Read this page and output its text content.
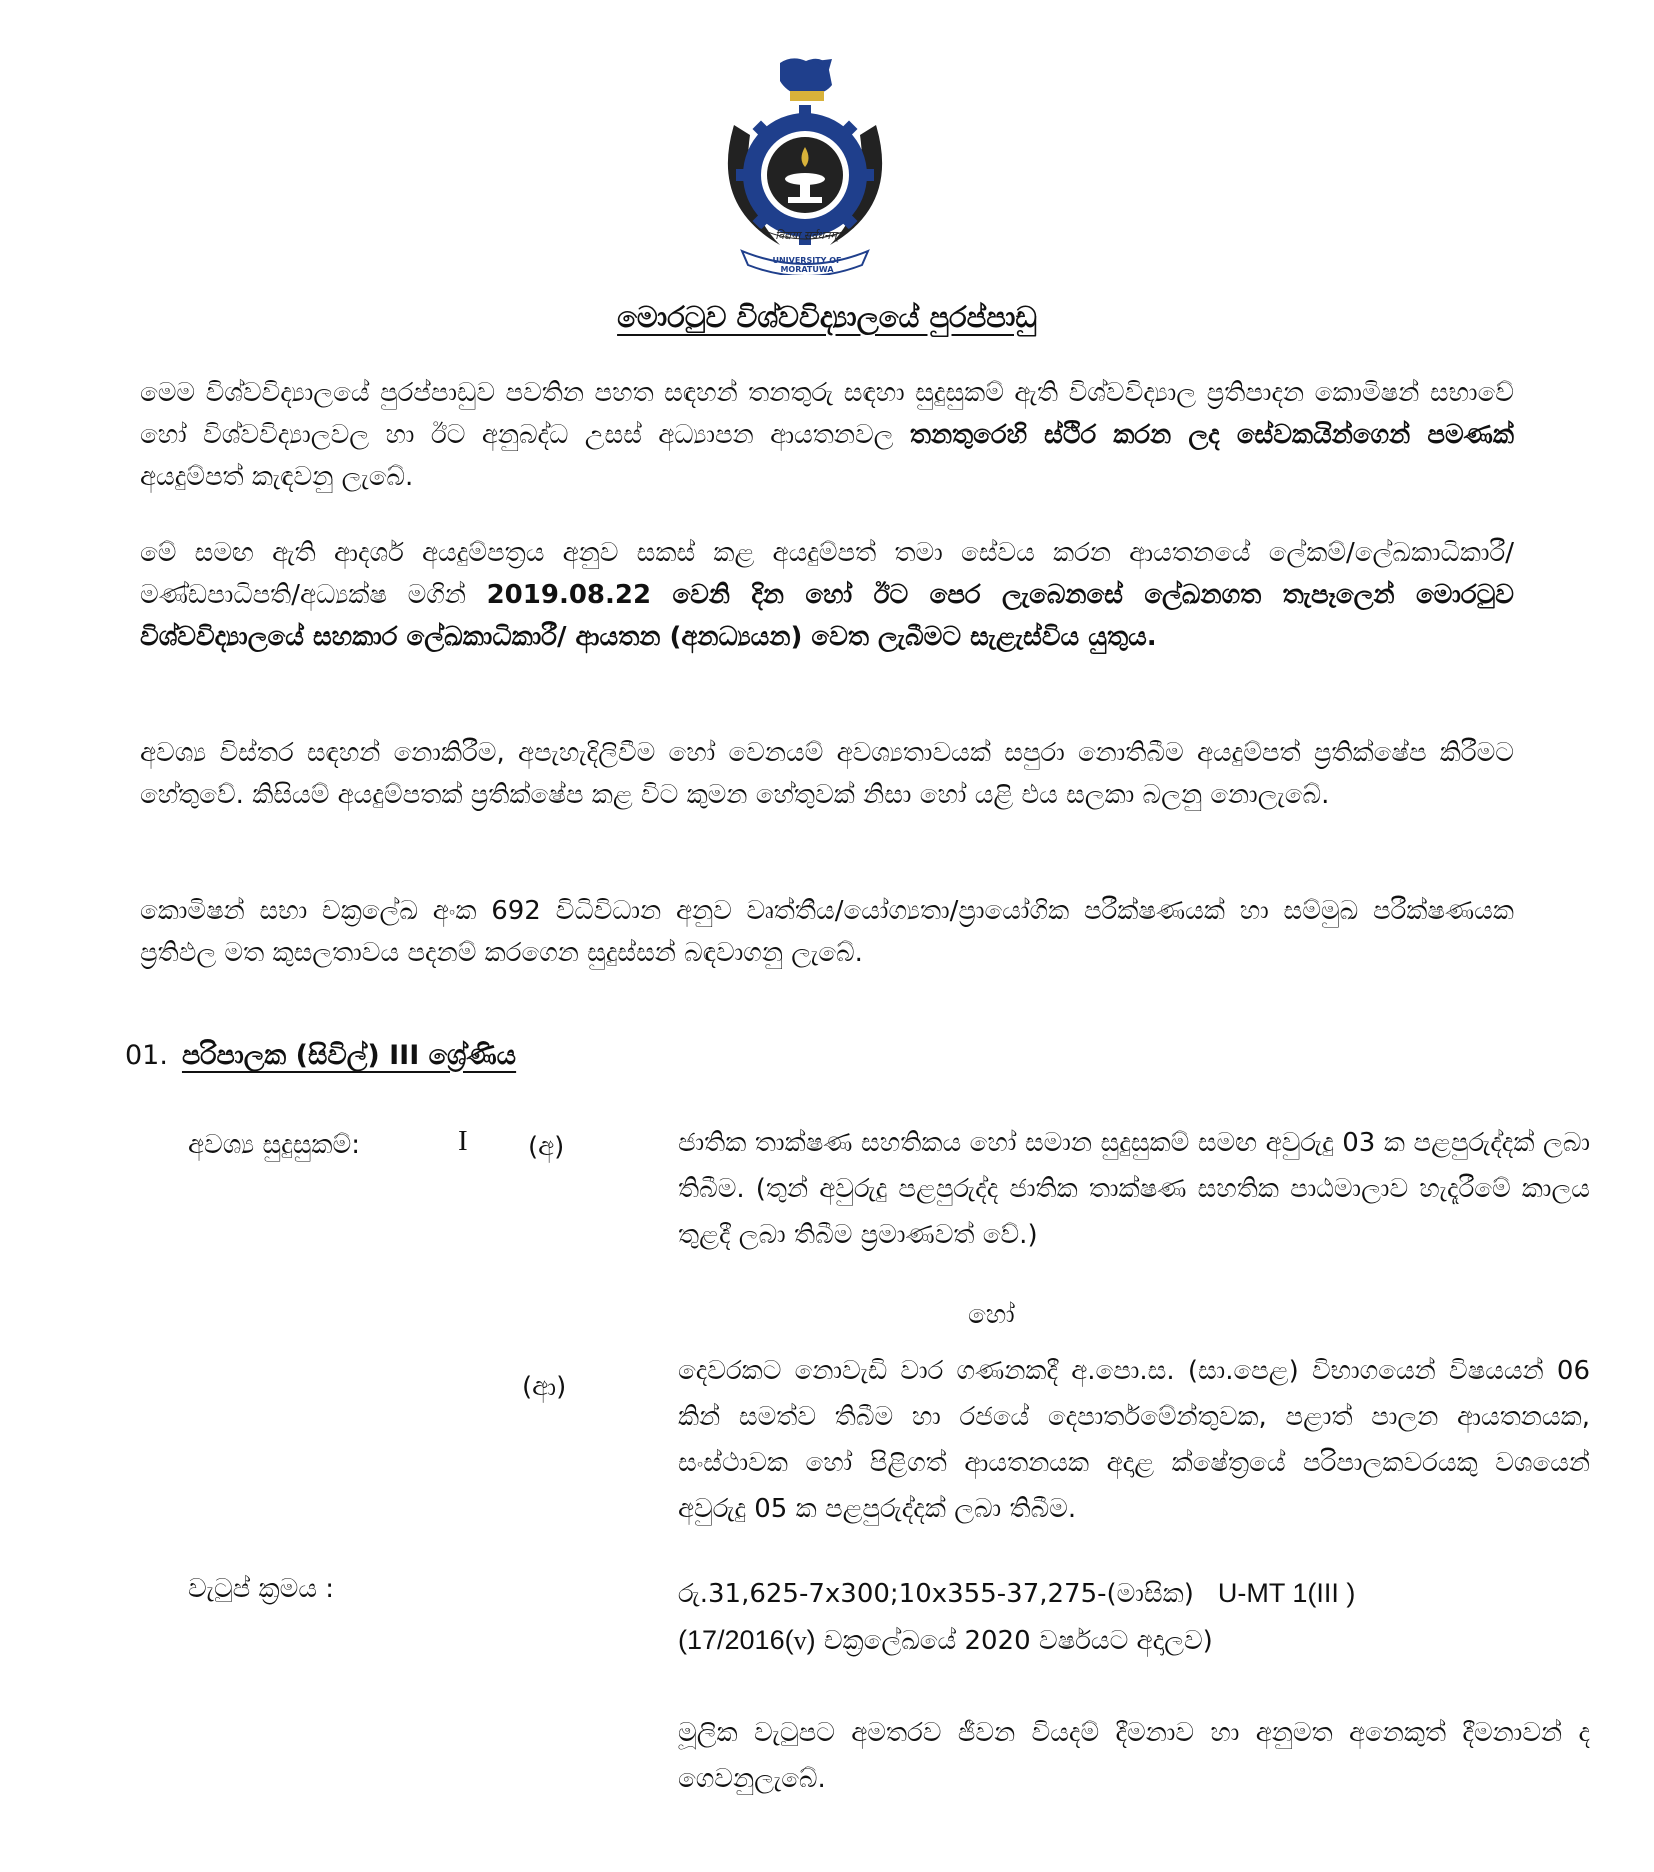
विद्यया सर्वधनम्
UNIVERSITY OF MORATUWA
මොරටුව විශ්වවිද්‍යාලයේ පුරප්පාඩු

මෙම විශ්වවිද්‍යාලයේ පුරප්පාඩුව පවතින පහත සඳහන් තනතුරු සඳහා සුදුසුකම් ඇති විශ්වවිද්‍යාල ප්‍රතිපාදන කොමිෂන් සභාවේ හෝ විශ්වවිද්‍යාලවල හා ඊට අනුබද්ධ උසස් අධ්‍යාපන ආයතනවල තනතුරෙහි ස්ථිර කරන ලද සේවකයින්ගෙන් පමණක් අයදුම්පත් කැඳවනු ලැබේ.

මේ සමඟ ඇති ආදර්ශ අයදුම්පත්‍රය අනුව සකස් කළ අයදුම්පත් තමා සේවය කරන ආයතනයේ ලේකම්/ලේඛකාධිකාරී/මණ්ඩපාධිපති/අධ්‍යක්ෂ මගින් 2019.08.22 වෙනි දින හෝ ඊට පෙර ලැබෙනසේ ලේඛනගත තැපෑලෙන් මොරටුව විශ්වවිද්‍යාලයේ සහකාර ලේඛකාධිකාරී/ ආයතන (අනධ්‍යයන) වෙත ලැබීමට සැළැස්විය යුතුය.

අවශ්‍ය විස්තර සඳහන් නොකිරීම, අපැහැදිලිවීම හෝ වෙනයම් අවශ්‍යතාවයක් සපුරා නොතිබීම අයදුම්පත් ප්‍රතික්ෂේප කිරීමට හේතුවේ. කිසියම් අයදුම්පතක් ප්‍රතික්ෂේප කළ විට කුමන හේතුවක් නිසා හෝ යළි එය සලකා බලනු නොලැබේ.

කොමිෂන් සභා චක්‍රලේඛ අංක 692 විධිවිධාන අනුව වෘත්තීය/යෝග්‍යතා/ප්‍රායෝගික පරීක්ෂණයක් හා සම්මුඛ පරීක්ෂණයක ප්‍රතිඵල මත කුසලතාවය පදනම් කරගෙන සුදුස්සන් බඳවාගනු ලැබේ.

01. පරිපාලක (සිවිල්) III ශ්‍රේණිය
අවශ්‍ය සුදුසුකම්:	I (අ)	ජාතික තාක්ෂණ සහතිකය හෝ සමාන සුදුසුකම් සමඟ අවුරුදු 03 ක පළපුරුද්දක් ලබා තිබීම. (තුන් අවුරුදු පළපුරුද්ද ජාතික තාක්ෂණ සහතික පාඨමාලාව හැදෑරීමේ කාලය තුළදී ලබා තිබීම ප්‍රමාණවත් වේ.)

හෝ
(ආ)

දෙවරකට නොවැඩි වාර ගණනකදී අ.පො.ස. (සා.පෙළ) විභාගයෙන් විෂයයන් 06 කින් සමත්ව තිබීම හා රජයේ දෙපාර්තමේන්තුවක, පළාත් පාලන ආයතනයක, සංස්ථාවක හෝ පිළිගත් ආයතනයක අදාළ ක්ෂේත්‍රයේ පරිපාලකවරයකු වශයෙන් අවුරුදු 05 ක පළපුරුද්දක් ලබා තිබීම.

වැටුප් ක්‍රමය :	රු.31,625-7x300;10x355-37,275-(මාසික) U-MT 1(III )
(17/2016(v) චක්‍රලේඛයේ 2020 වර්ෂයට අදාලව)

මූලික වැටුපට අමතරව ජීවන වියදම් දීමනාව හා අනුමත අනෙකුත් දීමනාවන් ද ගෙවනුලැබේ.
